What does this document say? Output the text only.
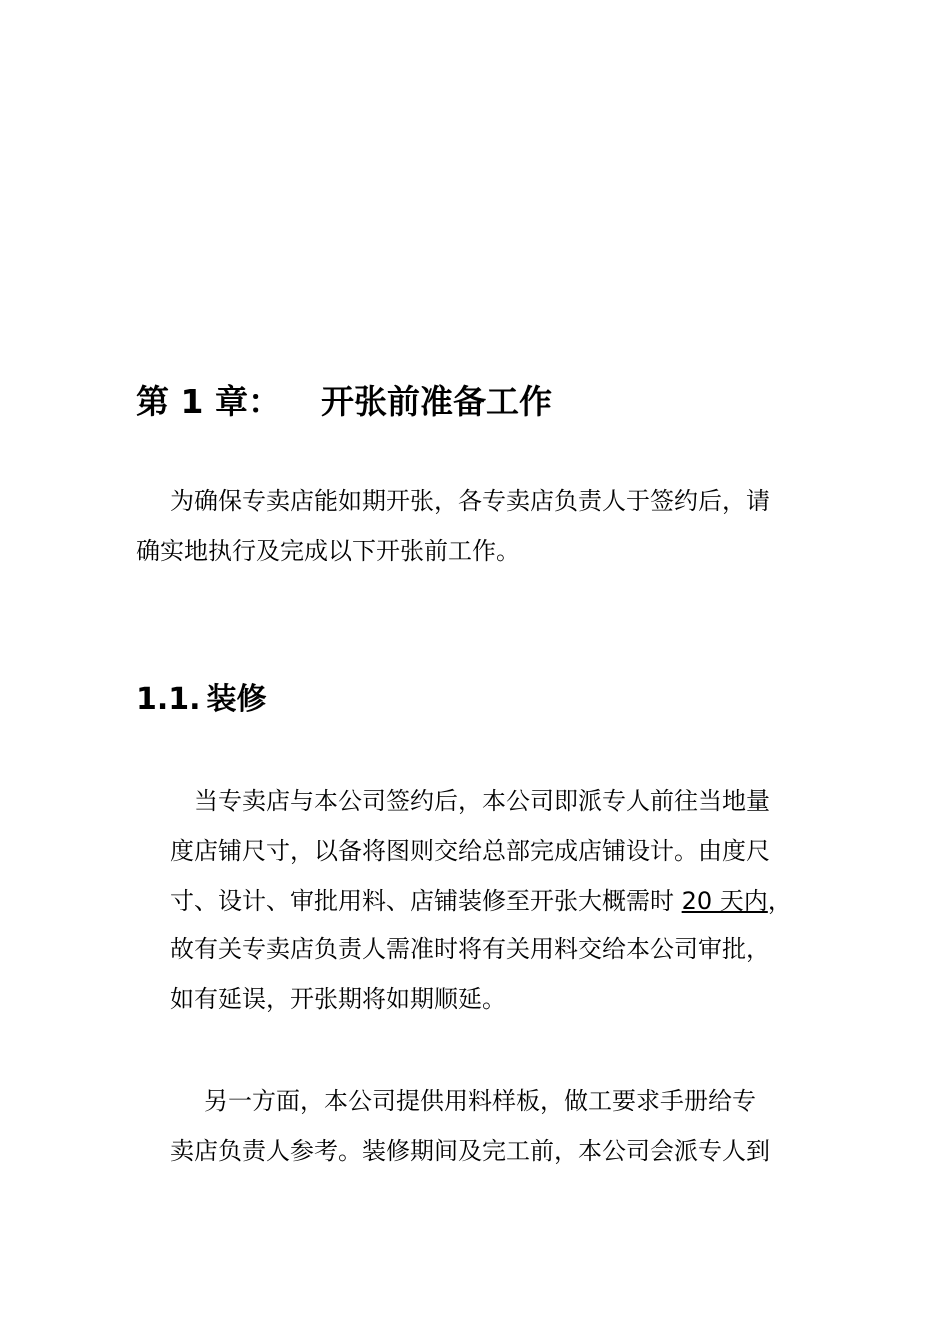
第 1 章： 开张前准备工作
为确保专卖店能如期开张，各专卖店负责人于签约后，请
确实地执行及完成以下开张前工作。
1.1. 装修
当专卖店与本公司签约后，本公司即派专人前往当地量
度店铺尺寸，以备将图则交给总部完成店铺设计。由度尺
寸、设计、审批用料、店铺装修至开张大概需时 20 天内，
故有关专卖店负责人需准时将有关用料交给本公司审批，
如有延误，开张期将如期顺延。
另一方面，本公司提供用料样板，做工要求手册给专
卖店负责人参考。装修期间及完工前，本公司会派专人到
